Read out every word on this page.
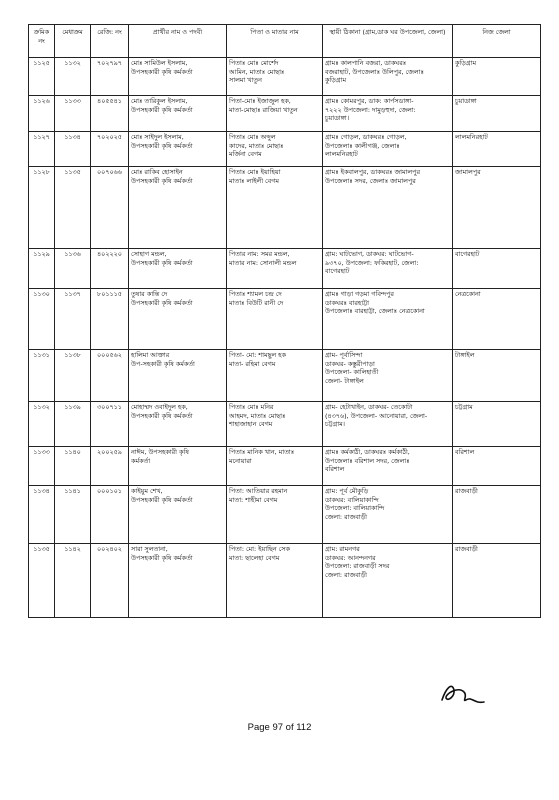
ক্রমিক নং	মেধাক্রম	রেজি: নং	প্রার্থীর নাম ও পদবী	পিতা ও মাতার নাম	স্থায়ী ঠিকানা (গ্রাম,ডাক ঘর উপজেলা, জেলা)	নিজ জেলা
১১২৫	১১৩২	৭০২৭৯৭	মোঃ সামিউল ইসলাম,
উপসহকারী কৃষি কর্মকর্তা	পিতাঃ মোঃ মোর্শেদ
আমিন, মাতাঃ মোছাঃ
সালমা খাতুন	গ্রামঃ কালপানি বজরা, ডাকঘরঃ
বজরাহাট, উপজেলাঃ উলিপুর, জেলাঃ
কুড়িগ্রাম	কুড়িগ্রাম
১১২৬	১১৩৩	৪০৫৫৪১	মোঃ তারিকুল ইসলাম,
উপসহকারী কৃষি কর্মকর্তা	পিতা-মোঃ ইজাজুল হক,
মাতা-মোছাঃ রাজিয়া খাতুন	গ্রামঃ কোমরপুর, ডাক: কার্পসডাঙ্গা-
৭২২২ উপজেলা: দামুড়হুদা, জেলা:
চুয়াডাঙ্গা।	চুয়াডাঙ্গা
১১২৭	১১৩৪	৭০২০২৫	মোঃ সাইদুল ইসলাম,
উপসহকারী কৃষি কর্মকর্তা	পিতাঃ মোঃ অব্দুল
কাদের, মাতাঃ মোছাঃ
মর্জিনা বেগম	গ্রামঃ গোড়ল, ডাকঘরঃ গোড়ল,
উপজেলাঃ কালীগঞ্জ, জেলাঃ
লালমনিরহাট	লালমনিরহাট
১১২৮	১১৩৫	০০৭০৬৬	মোঃ রাকিব হোসাইন
উপসহকারী কৃষি কর্মকর্তা	পিতাঃ মোঃ ইয়াহিয়া
মাতাঃ লাইলী বেগম	গ্রামঃ ইকবালপুর, ডাকঘরঃ জামালপুর
উপজেলাঃ সদর, জেলাঃ জামালপুর	জামালপুর
১১২৯	১১৩৬	৪০২২২০	সোহাগ মন্ডল,
উপসহকারী কৃষি কর্মকর্তা	পিতার নাম: সমর মন্ডল,
মাতার নাম: সোনালী মন্ডল	গ্রাম: ঘাটভোগ, ডাকঘর: ঘাটভোগ-
৯৩৭০, উপজেলা: ফকিরহাট, জেলা:
বাগেরহাট	বাগেরহাট
১১৩০	১১৩৭	৮০১১১৫	তুষার কান্তি দে
উপসহকারী কৃষি কর্মকর্তা	পিতাঃ শ্যামল চন্দ্র দে
মাতাঃ বিউটি রানী দে	গ্রামঃ গাড়া গড়মা গবিন্দপুর
ডাকঘরঃ বারহাট্টা
উপজেলাঃ বারহাট্টা, জেলাঃ নেত্রকোনা	নেত্রকোনা
১১৩১	১১৩৮	০০০৫৬২	হালিমা আক্তার
উপ-সহকারী কৃষি কর্মকর্তা	পিতা- মো: শামছুল হক
মাতা- রহিমা বেগম	গ্রাম- পূর্বাসিন্দা
ডাকঘর- কস্তুরীপাড়া
উপজেলা- কালিহাতী
জেলা- টাঙ্গাইল	টাঙ্গাইল
১১৩২	১১৩৯	৩০০৭১১	মোহাম্মদ ওবাইদুল হক,
উপসহকারী কৃষি কর্মকর্তা	পিতাঃ মোঃ মনির
আহমদ, মাতাঃ মোছাঃ
শাহাজাহান বেগম	গ্রাম- হেটাখাইন, ডাকঘর- তেকোটা
(৪৩৭৬), উপজেলা- আনোয়ারা, জেলা-
চট্টগ্রাম।	চট্টগ্রাম
১১৩৩	১১৪০	২০০২৫৯	নাঈম, উপসহকারী কৃষি
কর্মকর্তা	পিতাঃ মানিক খান, মাতাঃ
মনোয়ারা	গ্রামঃ কর্মকাঠী, ডাকঘরঃ কর্মকাঠী,
উপজেলাঃ বরিশাল সদর, জেলাঃ
বরিশাল	বরিশাল
১১৩৪	১১৪১	০০০১০১	কাইয়ুম শেখ,
উপসহকারী কৃষি কর্মকর্তা	পিতা: আতিয়ার রহমান
মাতা: শাহীমা বেগম	গ্রাম: পূর্ব মৌকুড়ি
ডাকঘর: বালিয়াকান্দি
উপজেলা: বালিয়াকান্দি
জেলা: রাজবাড়ী	রাজবাড়ী
১১৩৫	১১৪২	০০২৪০২	সারা সুলতানা,
উপসহকারী কৃষি কর্মকর্তা	পিতা: মো: ইয়াছিন সেক
মাতা: ছালেহা বেগম	গ্রাম: রামনগর
ডাকঘর: আনন্দনগর
উপজেলা: রাজবাড়ী সদর
জেলা: রাজবাড়ী	রাজবাড়ী
Page 97 of 112
